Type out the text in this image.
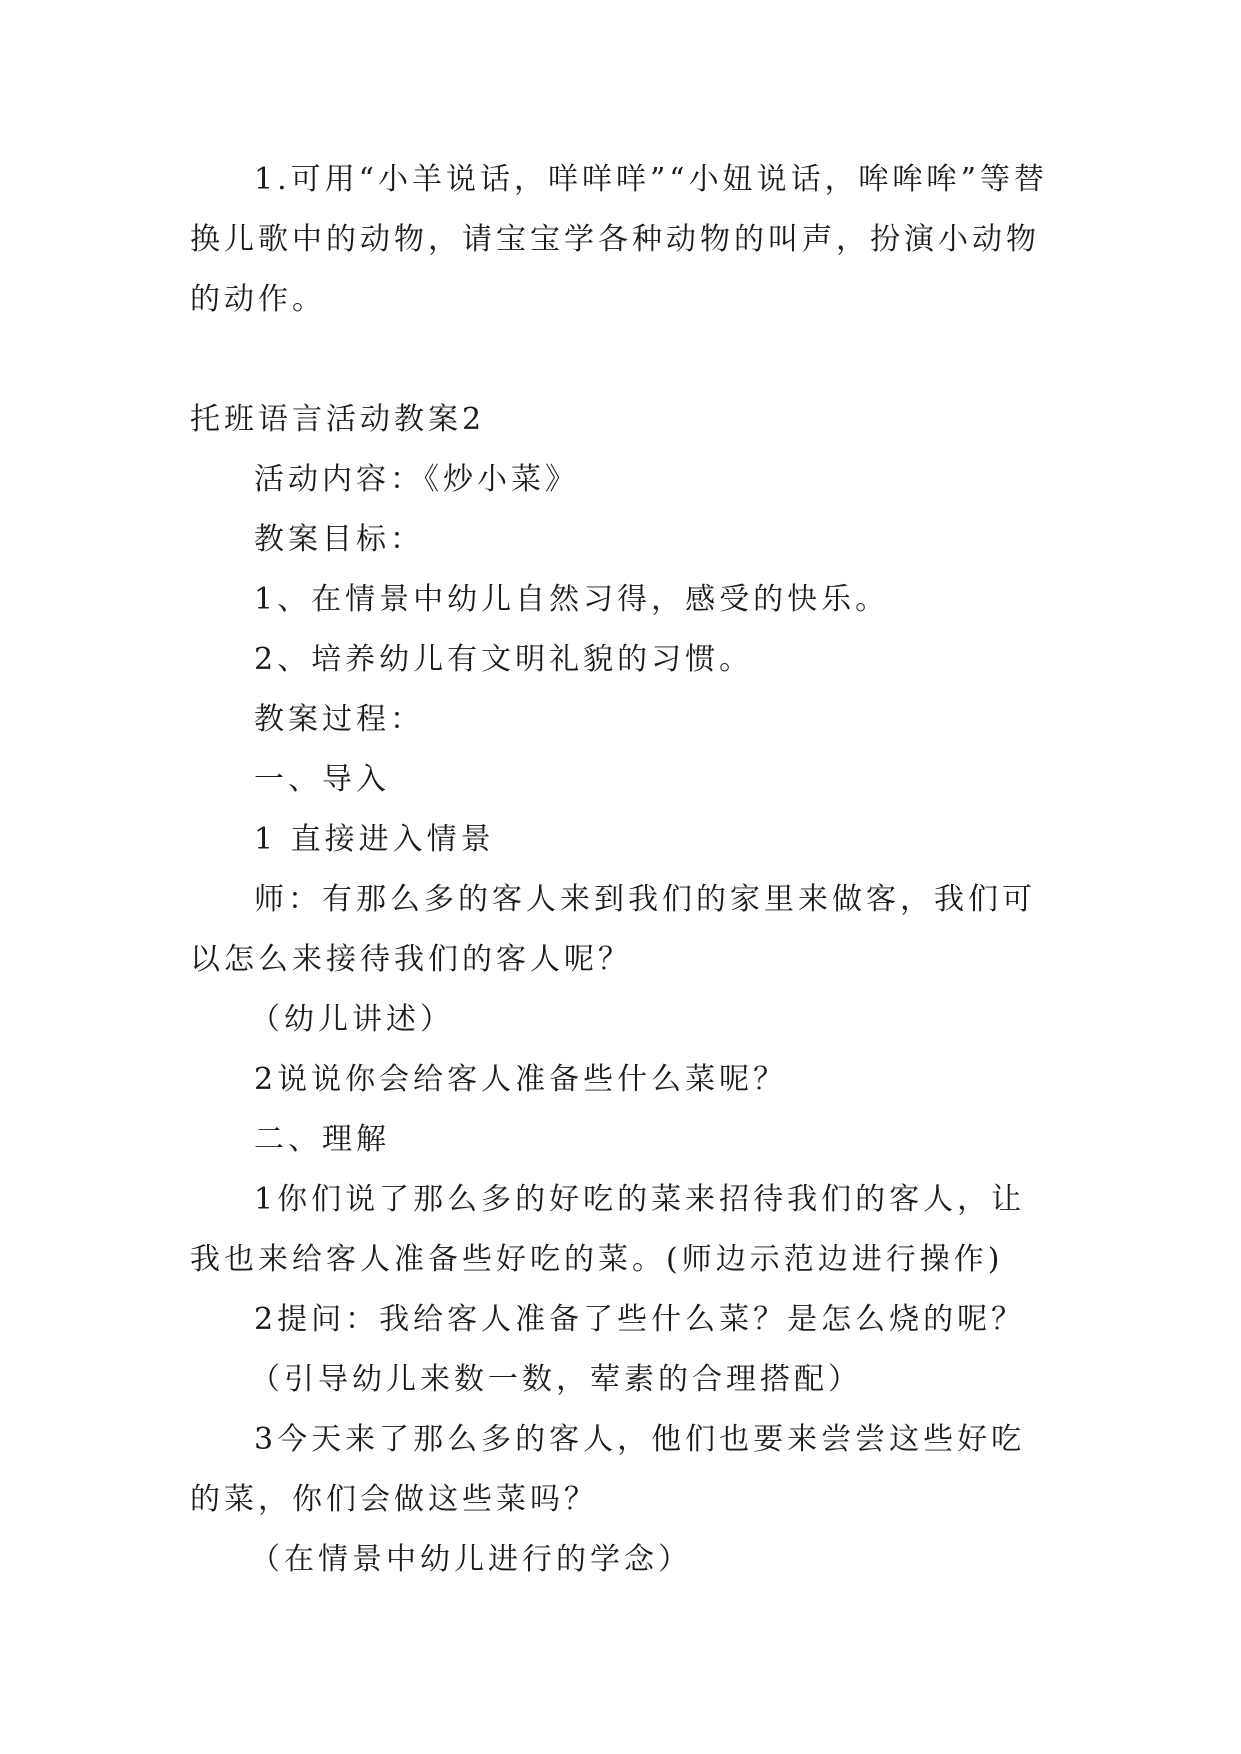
1.可用“小羊说话，咩咩咩”“小妞说话，哞哞哞”等替换儿歌中的动物，请宝宝学各种动物的叫声，扮演小动物的动作。

托班语言活动教案2

活动内容：《炒小菜》

教案目标：

1、在情景中幼儿自然习得，感受的快乐。

2、培养幼儿有文明礼貌的习惯。

教案过程：

一、导入

1 直接进入情景

师：有那么多的客人来到我们的家里来做客，我们可以怎么来接待我们的客人呢？

（幼儿讲述）

2说说你会给客人准备些什么菜呢？

二、理解

1你们说了那么多的好吃的菜来招待我们的客人，让我也来给客人准备些好吃的菜。(师边示范边进行操作)

2提问：我给客人准备了些什么菜？是怎么烧的呢？

（引导幼儿来数一数，荤素的合理搭配）

3今天来了那么多的客人，他们也要来尝尝这些好吃的菜，你们会做这些菜吗？

（在情景中幼儿进行的学念）
